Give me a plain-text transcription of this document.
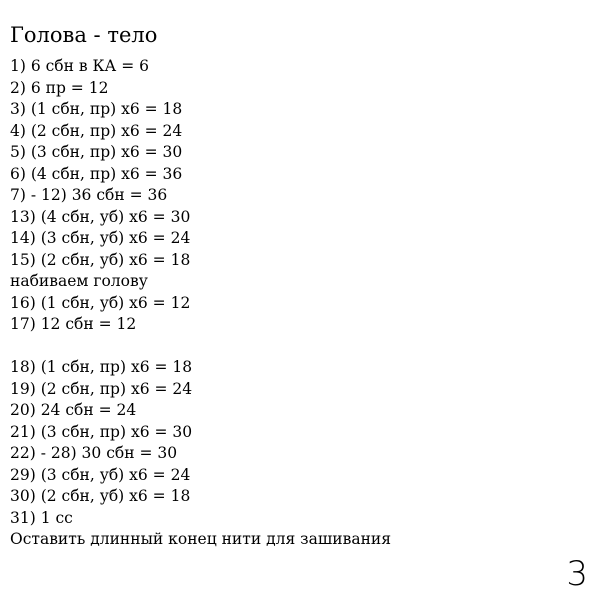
Голова - тело
1) 6 сбн в КА = 6
2) 6 пр = 12
3) (1 сбн, пр) х6 = 18
4) (2 сбн, пр) х6 = 24
5) (3 сбн, пр) х6 = 30
6) (4 сбн, пр) х6 = 36
7) - 12) 36 сбн = 36
13) (4 сбн, уб) х6 = 30
14) (3 сбн, уб) х6 = 24
15) (2 сбн, уб) х6 = 18
набиваем голову
16) (1 сбн, уб) х6 = 12
17) 12 сбн = 12
18) (1 сбн, пр) х6 = 18
19) (2 сбн, пр) х6 = 24
20) 24 сбн = 24
21) (3 сбн, пр) х6 = 30
22) - 28) 30 сбн = 30
29) (3 сбн, уб) х6 = 24
30) (2 сбн, уб) х6 = 18
31) 1 сс
Оставить длинный конец нити для зашивания
3
